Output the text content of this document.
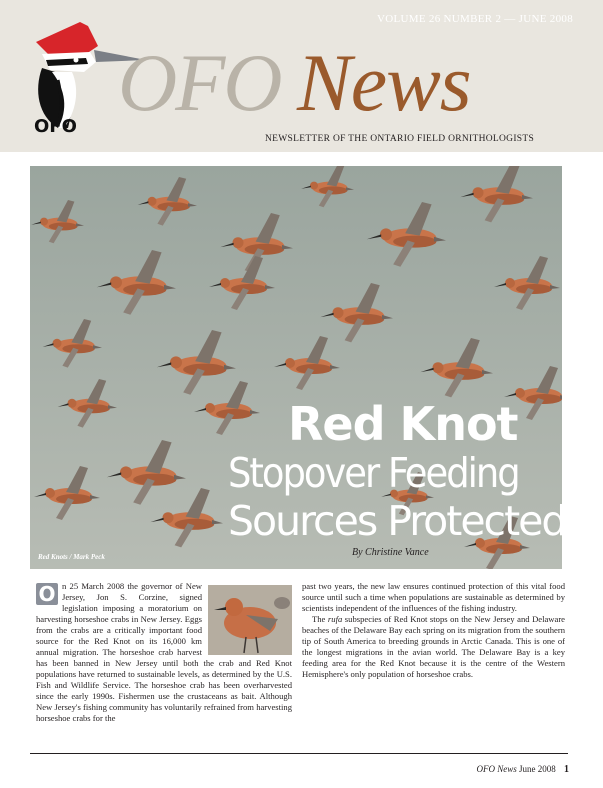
VOLUME 26 NUMBER 2 — JUNE 2008
OFO OFO News
NEWSLETTER OF THE ONTARIO FIELD ORNITHOLOGISTS
Red Knots / Mark Peck
Red Knot
Stopover Feeding
Sources Protected
By Christine Vance

O n 25 March 2008 the governor of New Jersey, Jon S. Corzine, signed legislation imposing a moratorium on harvesting horseshoe crabs in New Jersey. Eggs from the crabs are a critically important food source for the Red Knot on its 16,000 km annual migration. The horseshoe crab harvest has been banned in New Jersey until both the crab and Red Knot populations have returned to sustainable levels, as determined by the U.S. Fish and Wildlife Service. The horseshoe crab has been overharvested since the early 1990s. Fishermen use the crustaceans as bait. Although New Jersey's fishing community has voluntarily refrained from harvesting horseshoe crabs for the

past two years, the new law ensures continued protection of this vital food source until such a time when populations are sustainable as determined by scientists independent of the influences of the fishing industry.

The rufa subspecies of Red Knot stops on the New Jersey and Delaware beaches of the Delaware Bay each spring on its migration from the southern tip of South America to breeding grounds in Arctic Canada. This is one of the longest migrations in the avian world. The Delaware Bay is a key feeding area for the Red Knot because it is the centre of the Western Hemisphere's only population of horseshoe crabs.

OFO News June 2008 1
